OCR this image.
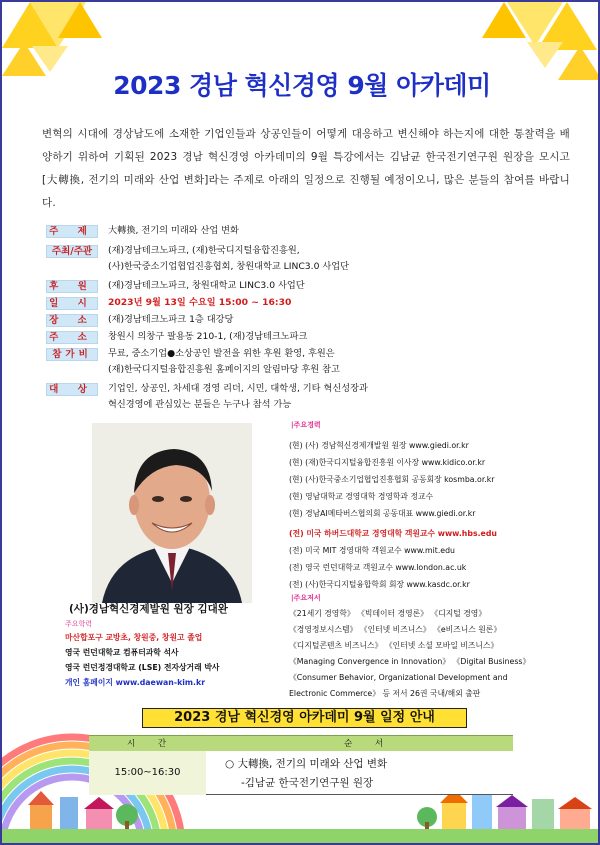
2023 경남 혁신경영 9월 아카데미

변혁의 시대에 경상남도에 소재한 기업인들과 상공인들이 어떻게 대응하고 변신해야 하는지에 대한 통찰력을 배양하기 위하여 기획된 2023 경남 혁신경영 아카데미의 9월 특강에서는 김남균 한국전기연구원 원장을 모시고 [大轉換, 전기의 미래와 산업 변화]라는 주제로 아래의 일정으로 진행될 예정이오니, 많은 분들의 참여를 바랍니다.

주 제	大轉換, 전기의 미래와 산업 변화
주최/주관	(재)경남테크노파크, (재)한국디지털융합진흥원,
(사)한국중소기업협업진흥협회, 창원대학교 LINC3.0 사업단
후 원	(재)경남테크노파크, 창원대학교 LINC3.0 사업단
일 시	2023년 9월 13일 수요일 15:00 ~ 16:30
장 소	(재)경남테크노파크 1층 대강당
주 소	창원시 의창구 팔용동 210-1, (재)경남테크노파크
참가비	무료, 중소기업●소상공인 발전을 위한 후원 환영, 후원은
(재)한국디지털융합진흥원 홈페이지의 알림마당 후원 참고
대 상	기업인, 상공인, 차세대 경영 리더, 시민, 대학생, 기타 혁신성장과
혁신경영에 관심있는 분들은 누구나 참석 가능
(사)경남혁신경제발원 원장 김대완
주요학력
마산합포구 교방초, 창원중, 창원고 졸업
영국 런던대학교 컴퓨터과학 석사
영국 런던정경대학교 (LSE) 전자상거래 박사
개인 홈페이지 www.daewan-kim.kr
|주요경력
(현) (사) 경남혁신경제개발원 원장 www.giedi.or.kr
(현) (재)한국디지털융합진흥원 이사장 www.kidico.or.kr
(현) (사)한국중소기업협업진흥협회 공동회장 kosmba.or.kr
(현) 영남대학교 경영대학 경영학과 정교수
(현) 경남AI메타버스협의회 공동대표 www.giedi.or.kr
(전) 미국 하버드대학교 경영대학 객원교수 www.hbs.edu
(전) 미국 MIT 경영대학 객원교수 www.mit.edu
(전) 영국 런던대학교 객원교수 www.london.ac.uk
(전) (사)한국디지털융합학회 회장 www.kasdc.or.kr
|주요저서
《21세기 경영학》 《빅데이터 경영론》 《디지털 경영》
《경영정보시스템》 《인터넷 비즈니스》 《e비즈니스 원론》
《디지털콘텐츠 비즈니스》 《인터넷 소셜 모바일 비즈니스》
《Managing Convergence in Innovation》 《Digital Business》
《Consumer Behavior, Organizational Development and
Electronic Commerce》 등 저서 26권 국내/해외 출판
2023 경남 혁신경영 아카데미 9월 일정 안내
시 간	순 서
15:00~16:30
○ 大轉換, 전기의 미래와 산업 변화
-김남균 한국전기연구원 원장
